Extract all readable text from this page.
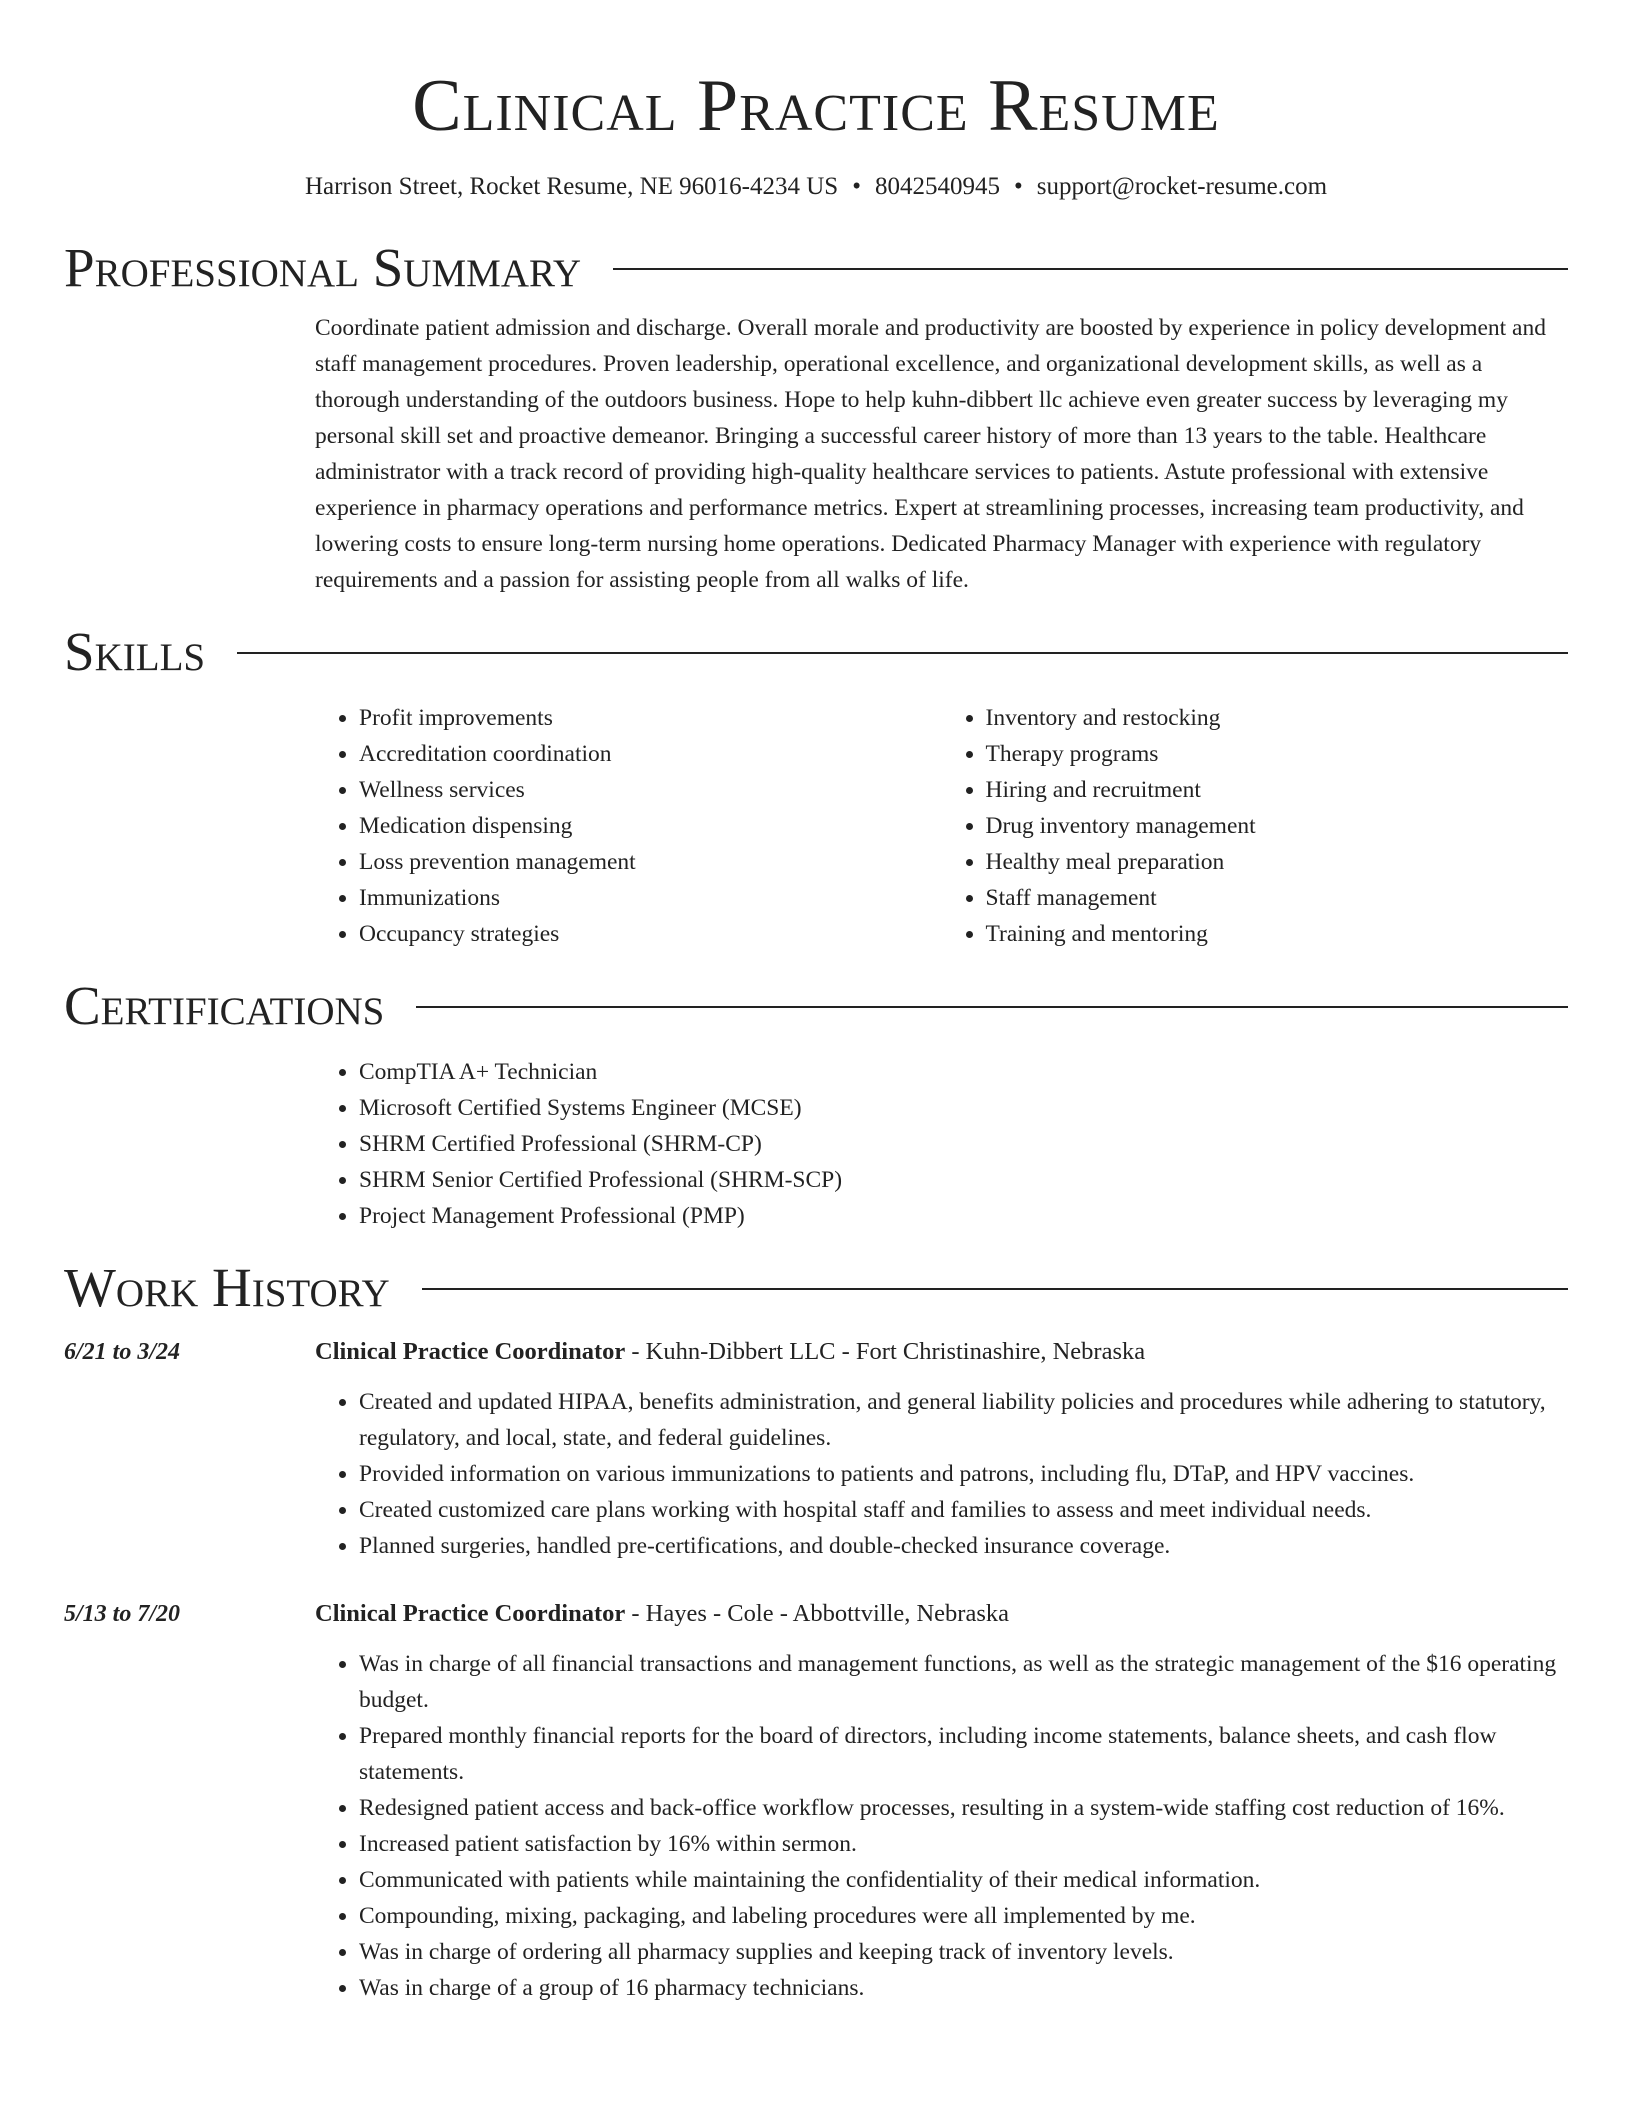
Clinical Practice Resume
Harrison Street, Rocket Resume, NE 96016-4234 US • 8042540945 • support@rocket-resume.com
Professional Summary

Coordinate patient admission and discharge. Overall morale and productivity are boosted by experience in policy development and staff management procedures. Proven leadership, operational excellence, and organizational development skills, as well as a thorough understanding of the outdoors business. Hope to help kuhn-dibbert llc achieve even greater success by leveraging my personal skill set and proactive demeanor. Bringing a successful career history of more than 13 years to the table. Healthcare administrator with a track record of providing high-quality healthcare services to patients. Astute professional with extensive experience in pharmacy operations and performance metrics. Expert at streamlining processes, increasing team productivity, and lowering costs to ensure long-term nursing home operations. Dedicated Pharmacy Manager with experience with regulatory requirements and a passion for assisting people from all walks of life.

Skills
• Profit improvements
• Accreditation coordination
• Wellness services
• Medication dispensing
• Loss prevention management
• Immunizations
• Occupancy strategies
• Inventory and restocking
• Therapy programs
• Hiring and recruitment
• Drug inventory management
• Healthy meal preparation
• Staff management
• Training and mentoring
Certifications
• CompTIA A+ Technician
• Microsoft Certified Systems Engineer (MCSE)
• SHRM Certified Professional (SHRM-CP)
• SHRM Senior Certified Professional (SHRM-SCP)
• Project Management Professional (PMP)
Work History
6/21 to 3/24	Clinical Practice Coordinator - Kuhn-Dibbert LLC - Fort Christinashire, Nebraska
• Created and updated HIPAA, benefits administration, and general liability policies and procedures while adhering to statutory, regulatory, and local, state, and federal guidelines.
• Provided information on various immunizations to patients and patrons, including flu, DTaP, and HPV vaccines.
• Created customized care plans working with hospital staff and families to assess and meet individual needs.
• Planned surgeries, handled pre-certifications, and double-checked insurance coverage.
5/13 to 7/20	Clinical Practice Coordinator - Hayes - Cole - Abbottville, Nebraska
• Was in charge of all financial transactions and management functions, as well as the strategic management of the $16 operating budget.
• Prepared monthly financial reports for the board of directors, including income statements, balance sheets, and cash flow statements.
• Redesigned patient access and back-office workflow processes, resulting in a system-wide staffing cost reduction of 16%.
• Increased patient satisfaction by 16% within sermon.
• Communicated with patients while maintaining the confidentiality of their medical information.
• Compounding, mixing, packaging, and labeling procedures were all implemented by me.
• Was in charge of ordering all pharmacy supplies and keeping track of inventory levels.
• Was in charge of a group of 16 pharmacy technicians.
